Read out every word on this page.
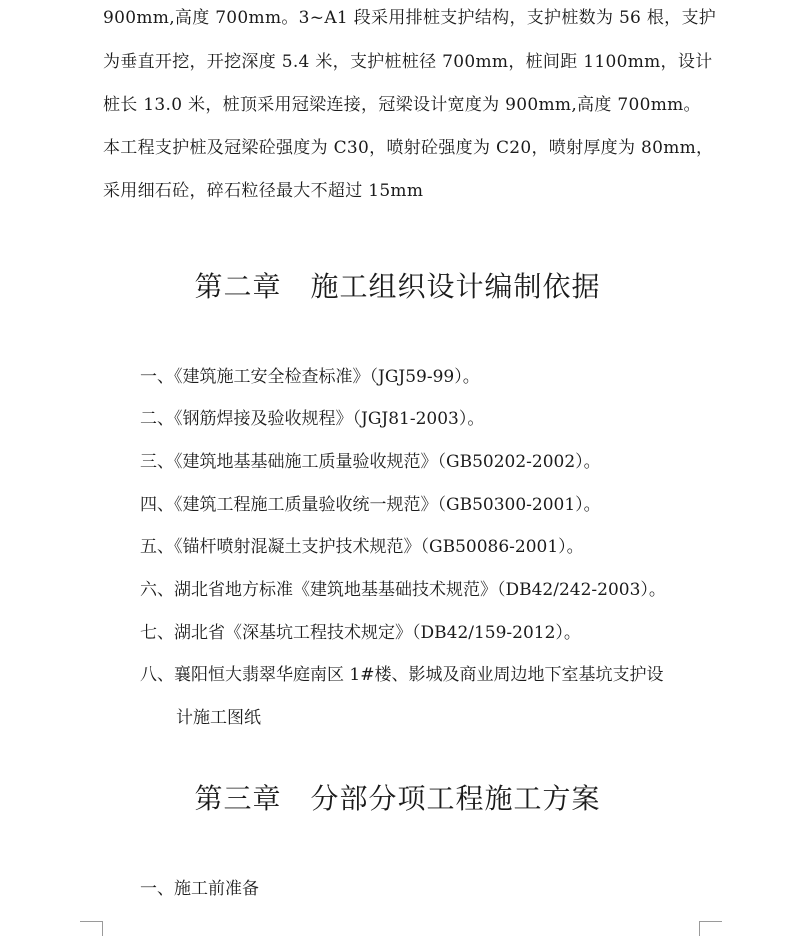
900mm,高度 700mm。3~A1 段采用排桩支护结构，支护桩数为 56 根，支护
为垂直开挖，开挖深度 5.4 米，支护桩桩径 700mm，桩间距 1100mm，设计
桩长 13.0 米，桩顶采用冠梁连接，冠梁设计宽度为 900mm,高度 700mm。
本工程支护桩及冠梁砼强度为 C30，喷射砼强度为 C20，喷射厚度为 80mm，
采用细石砼，碎石粒径最大不超过 15mm
第二章　施工组织设计编制依据
一、《建筑施工安全检查标准》（JGJ59-99）。
二、《钢筋焊接及验收规程》（JGJ81-2003）。
三、《建筑地基基础施工质量验收规范》（GB50202-2002）。
四、《建筑工程施工质量验收统一规范》（GB50300-2001）。
五、《锚杆喷射混凝土支护技术规范》（GB50086-2001）。
六、湖北省地方标准《建筑地基基础技术规范》（DB42/242-2003）。
七、湖北省《深基坑工程技术规定》（DB42/159-2012）。
八、襄阳恒大翡翠华庭南区 1#楼、影城及商业周边地下室基坑支护设
计施工图纸
第三章　分部分项工程施工方案
一、施工前准备
